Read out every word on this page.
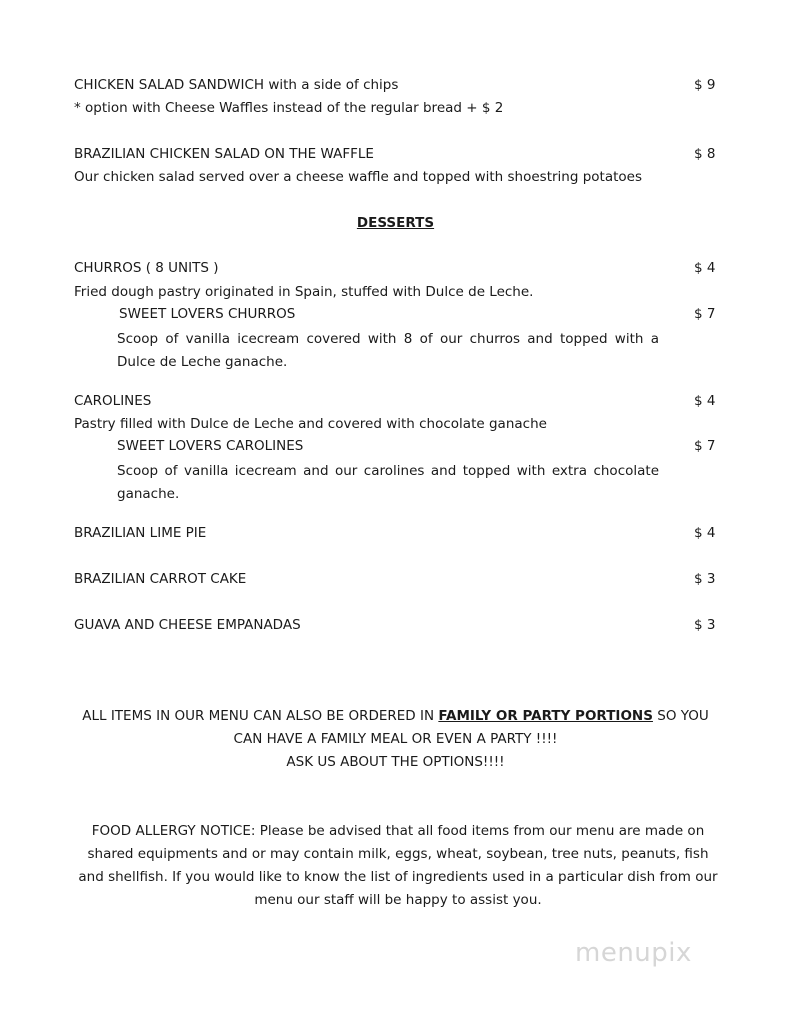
CHICKEN SALAD SANDWICH with a side of chips	$ 9
* option with Cheese Waffles instead of the regular bread + $ 2
BRAZILIAN CHICKEN SALAD ON THE WAFFLE	$ 8
Our chicken salad served over a cheese waffle and topped with shoestring potatoes
DESSERTS
CHURROS ( 8 UNITS )	$ 4
Fried dough pastry originated in Spain, stuffed with Dulce de Leche.
SWEET LOVERS CHURROS	$ 7
Scoop of vanilla icecream covered with 8 of our churros and topped with a Dulce de Leche ganache.
CAROLINES	$ 4
Pastry filled with Dulce de Leche and covered with chocolate ganache
SWEET LOVERS CAROLINES	$ 7
Scoop of vanilla icecream and our carolines and topped with extra chocolate ganache.
BRAZILIAN LIME PIE	$ 4
BRAZILIAN CARROT CAKE	$ 3
GUAVA AND CHEESE EMPANADAS	$ 3
ALL ITEMS IN OUR MENU CAN ALSO BE ORDERED IN FAMILY OR PARTY PORTIONS SO YOU CAN HAVE A FAMILY MEAL OR EVEN A PARTY !!!!
ASK US ABOUT THE OPTIONS!!!!
FOOD ALLERGY NOTICE: Please be advised that all food items from our menu are made on shared equipments and or may contain milk, eggs, wheat, soybean, tree nuts, peanuts, fish and shellfish. If you would like to know the list of ingredients used in a particular dish from our menu our staff will be happy to assist you.
menupix
